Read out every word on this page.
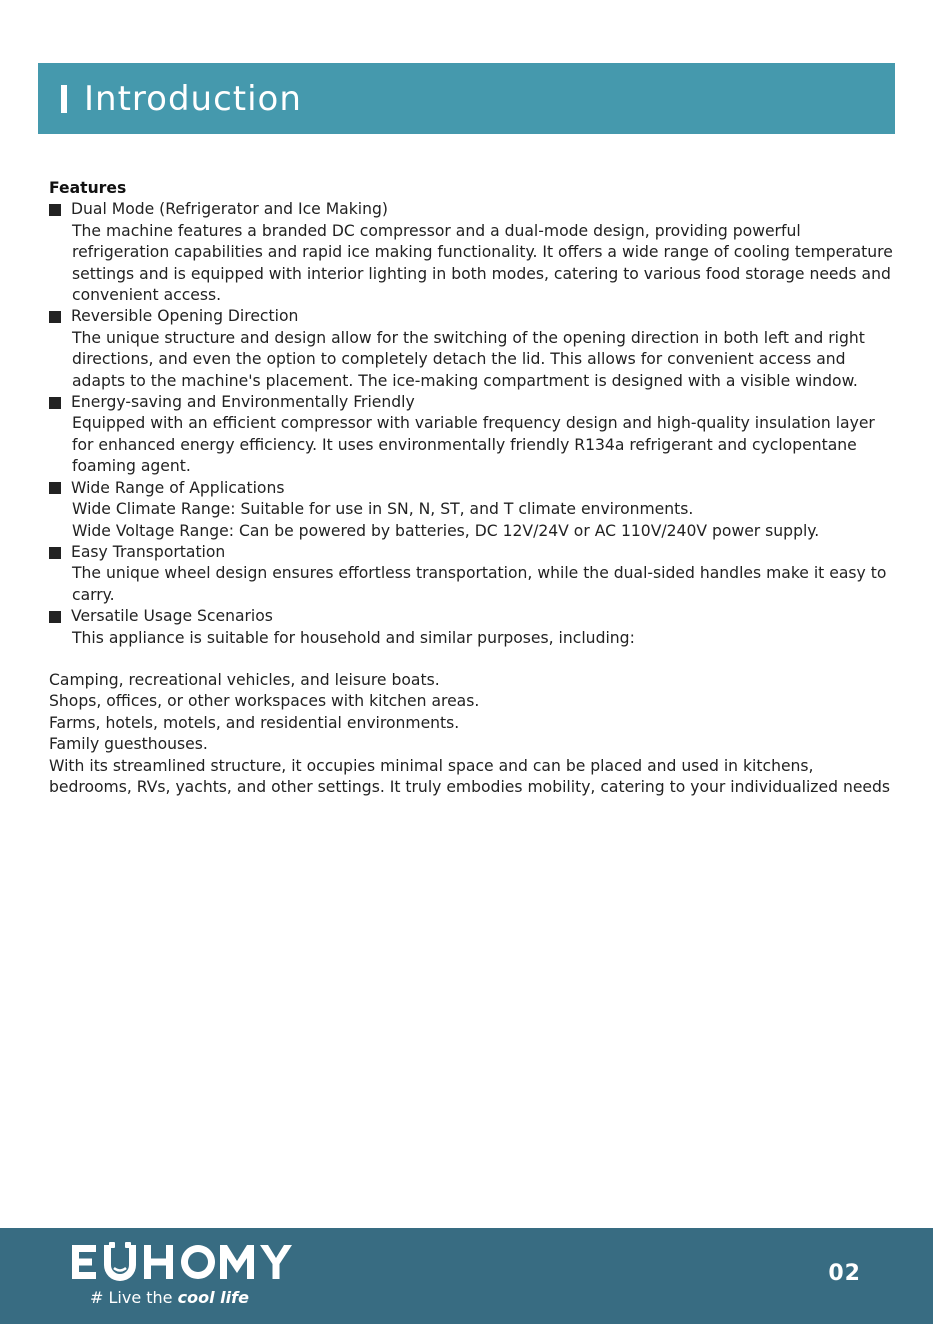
Introduction
Features
Dual Mode (Refrigerator and Ice Making)
The machine features a branded DC compressor and a dual-mode design, providing powerful refrigeration capabilities and rapid ice making functionality. It offers a wide range of cooling temperature settings and is equipped with interior lighting in both modes, catering to various food storage needs and convenient access.
Reversible Opening Direction
The unique structure and design allow for the switching of the opening direction in both left and right directions, and even the option to completely detach the lid. This allows for convenient access and adapts to the machine's placement. The ice-making compartment is designed with a visible window.
Energy-saving and Environmentally Friendly
Equipped with an efficient compressor with variable frequency design and high-quality insulation layer for enhanced energy efficiency. It uses environmentally friendly R134a refrigerant and cyclopentane foaming agent.
Wide Range of Applications
Wide Climate Range: Suitable for use in SN, N, ST, and T climate environments.
Wide Voltage Range: Can be powered by batteries, DC 12V/24V or AC 110V/240V power supply.
Easy Transportation
The unique wheel design ensures effortless transportation, while the dual-sided handles make it easy to carry.
Versatile Usage Scenarios
This appliance is suitable for household and similar purposes, including:
Camping, recreational vehicles, and leisure boats.
Shops, offices, or other workspaces with kitchen areas.
Farms, hotels, motels, and residential environments.
Family guesthouses.
With its streamlined structure, it occupies minimal space and can be placed and used in kitchens, bedrooms, RVs, yachts, and other settings. It truly embodies mobility, catering to your individualized needs
# Live the cool life
02
